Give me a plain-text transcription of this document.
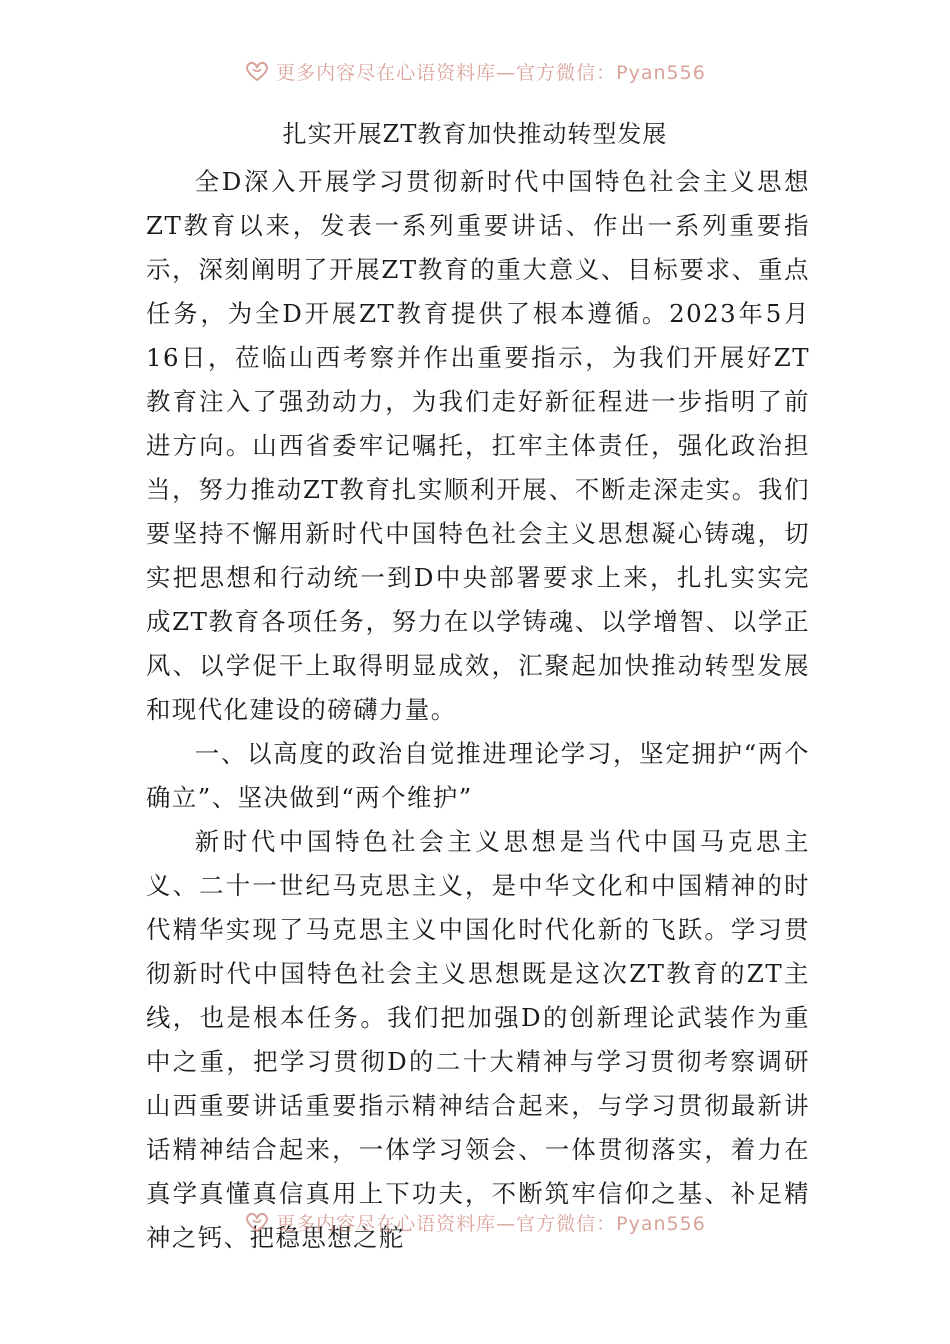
更多内容尽在心语资料库—官方微信：Pyan556
扎实开展ZT教育加快推动转型发展

全D深入开展学习贯彻新时代中国特色社会主义思想ZT教育以来，发表一系列重要讲话、作出一系列重要指示，深刻阐明了开展ZT教育的重大意义、目标要求、重点任务，为全D开展ZT教育提供了根本遵循。2023年5月16日，莅临山西考察并作出重要指示，为我们开展好ZT教育注入了强劲动力，为我们走好新征程进一步指明了前进方向。山西省委牢记嘱托，扛牢主体责任，强化政治担当，努力推动ZT教育扎实顺利开展、不断走深走实。我们要坚持不懈用新时代中国特色社会主义思想凝心铸魂，切实把思想和行动统一到D中央部署要求上来，扎扎实实完成ZT教育各项任务，努力在以学铸魂、以学增智、以学正风、以学促干上取得明显成效，汇聚起加快推动转型发展和现代化建设的磅礴力量。

一、以高度的政治自觉推进理论学习，坚定拥护“两个确立”、坚决做到“两个维护”

新时代中国特色社会主义思想是当代中国马克思主义、二十一世纪马克思主义，是中华文化和中国精神的时代精华实现了马克思主义中国化时代化新的飞跃。学习贯彻新时代中国特色社会主义思想既是这次ZT教育的ZT主线，也是根本任务。我们把加强D的创新理论武装作为重中之重，把学习贯彻D的二十大精神与学习贯彻考察调研山西重要讲话重要指示精神结合起来，与学习贯彻最新讲话精神结合起来，一体学习领会、一体贯彻落实，着力在真学真懂真信真用上下功夫，不断筑牢信仰之基、补足精神之钙、把稳思想之舵

更多内容尽在心语资料库—官方微信：Pyan556
